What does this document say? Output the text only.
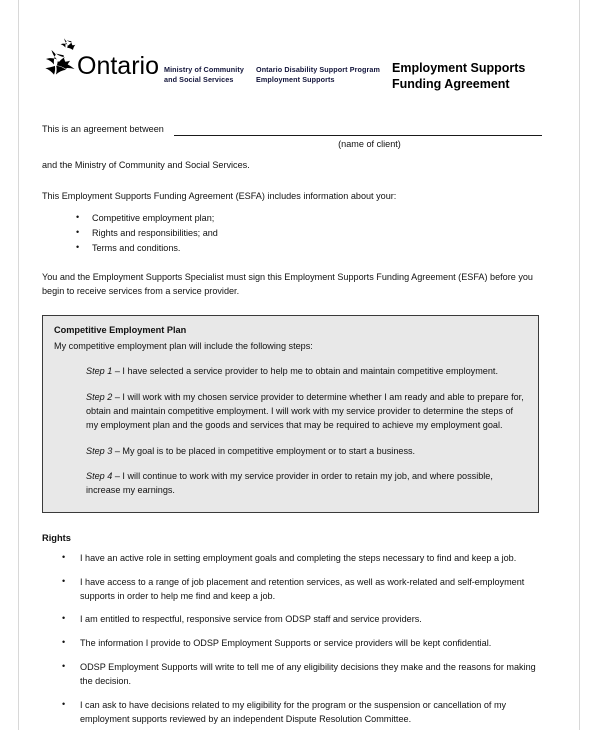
Ontario Ministry of Community
and Social Services
Ontario Disability Support Program
Employment Supports
Employment Supports
Funding Agreement
This is an agreement between
(name of client)
and the Ministry of Community and Social Services.
This Employment Supports Funding Agreement (ESFA) includes information about your:
• Competitive employment plan;
• Rights and responsibilities; and
• Terms and conditions.
You and the Employment Supports Specialist must sign this Employment Supports Funding Agreement (ESFA) before you begin to receive services from a service provider.
Competitive Employment Plan
My competitive employment plan will include the following steps:
Step 1 – I have selected a service provider to help me to obtain and maintain competitive employment.
Step 2 – I will work with my chosen service provider to determine whether I am ready and able to prepare for, obtain and maintain competitive employment. I will work with my service provider to determine the steps of my employment plan and the goods and services that may be required to achieve my employment goal.
Step 3 – My goal is to be placed in competitive employment or to start a business.
Step 4 – I will continue to work with my service provider in order to retain my job, and where possible, increase my earnings.
Rights
• I have an active role in setting employment goals and completing the steps necessary to find and keep a job.
• I have access to a range of job placement and retention services, as well as work-related and self-employment supports in order to help me find and keep a job.
• I am entitled to respectful, responsive service from ODSP staff and service providers.
• The information I provide to ODSP Employment Supports or service providers will be kept confidential.
• ODSP Employment Supports will write to tell me of any eligibility decisions they make and the reasons for making the decision.
• I can ask to have decisions related to my eligibility for the program or the suspension or cancellation of my employment supports reviewed by an independent Dispute Resolution Committee.
